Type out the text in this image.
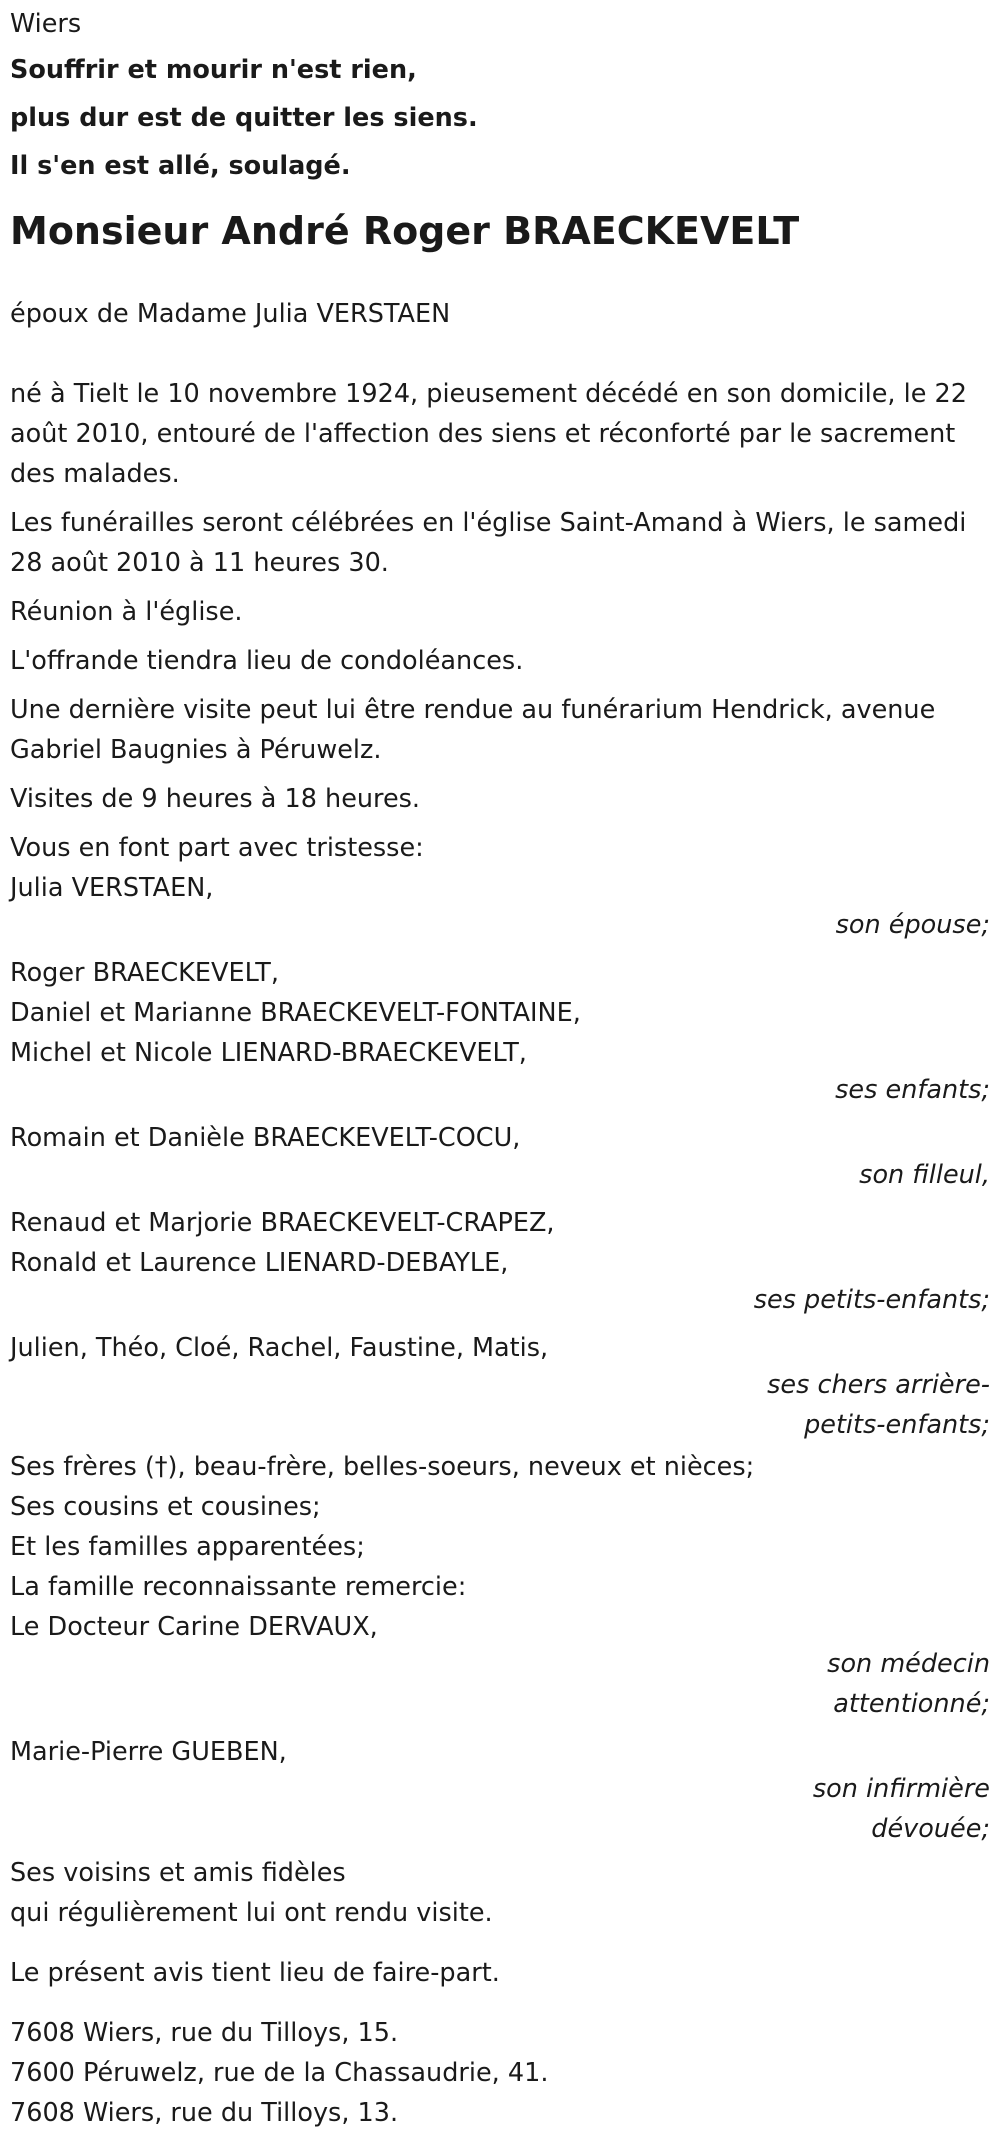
Wiers

Souffrir et mourir n'est rien,

plus dur est de quitter les siens.

Il s'en est allé, soulagé.

Monsieur André Roger BRAECKEVELT

époux de Madame Julia VERSTAEN

né à Tielt le 10 novembre 1924, pieusement décédé en son domicile, le 22 août 2010, entouré de l'affection des siens et réconforté par le sacrement des malades.

Les funérailles seront célébrées en l'église Saint-Amand à Wiers, le samedi 28 août 2010 à 11 heures 30.

Réunion à l'église.

L'offrande tiendra lieu de condoléances.

Une dernière visite peut lui être rendue au funérarium Hendrick, avenue Gabriel Baugnies à Péruwelz.

Visites de 9 heures à 18 heures.

Vous en font part avec tristesse:

Julia VERSTAEN,

son épouse;

Roger BRAECKEVELT,

Daniel et Marianne BRAECKEVELT-FONTAINE,

Michel et Nicole LIENARD-BRAECKEVELT,

ses enfants;

Romain et Danièle BRAECKEVELT-COCU,

son filleul,

Renaud et Marjorie BRAECKEVELT-CRAPEZ,

Ronald et Laurence LIENARD-DEBAYLE,

ses petits-enfants;

Julien, Théo, Cloé, Rachel, Faustine, Matis,

ses chers arrière-
petits-enfants;

Ses frères (†), beau-frère, belles-soeurs, neveux et nièces;

Ses cousins et cousines;

Et les familles apparentées;

La famille reconnaissante remercie:

Le Docteur Carine DERVAUX,

son médecin
attentionné;

Marie-Pierre GUEBEN,

son infirmière
dévouée;

Ses voisins et amis fidèles

qui régulièrement lui ont rendu visite.

Le présent avis tient lieu de faire-part.

7608 Wiers, rue du Tilloys, 15.

7600 Péruwelz, rue de la Chassaudrie, 41.

7608 Wiers, rue du Tilloys, 13.
